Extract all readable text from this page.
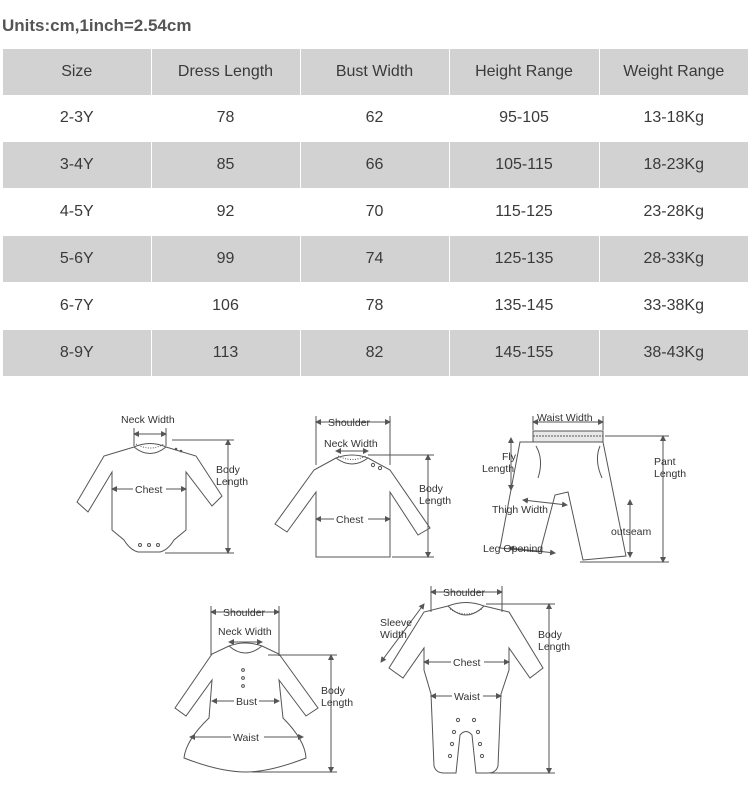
Units:cm,1inch=2.54cm
Size	Dress Length	Bust Width	Height Range	Weight Range
2-3Y	78	62	95-105	13-18Kg
3-4Y	85	66	105-115	18-23Kg
4-5Y	92	70	115-125	23-28Kg
5-6Y	99	74	125-135	28-33Kg
6-7Y	106	78	135-145	33-38Kg
8-9Y	113	82	145-155	38-43Kg
Neck Width
Chest
Body
Length
Shoulder
Neck Width
Chest
Body
Length
Waist Width
Fly
Length
Thigh Width
Leg Opening
outseam
Pant
Length
Shoulder
Neck Width
Bust
Waist
Body
Length
Shoulder
Sleeve
Width
Chest
Waist
Body
Length
